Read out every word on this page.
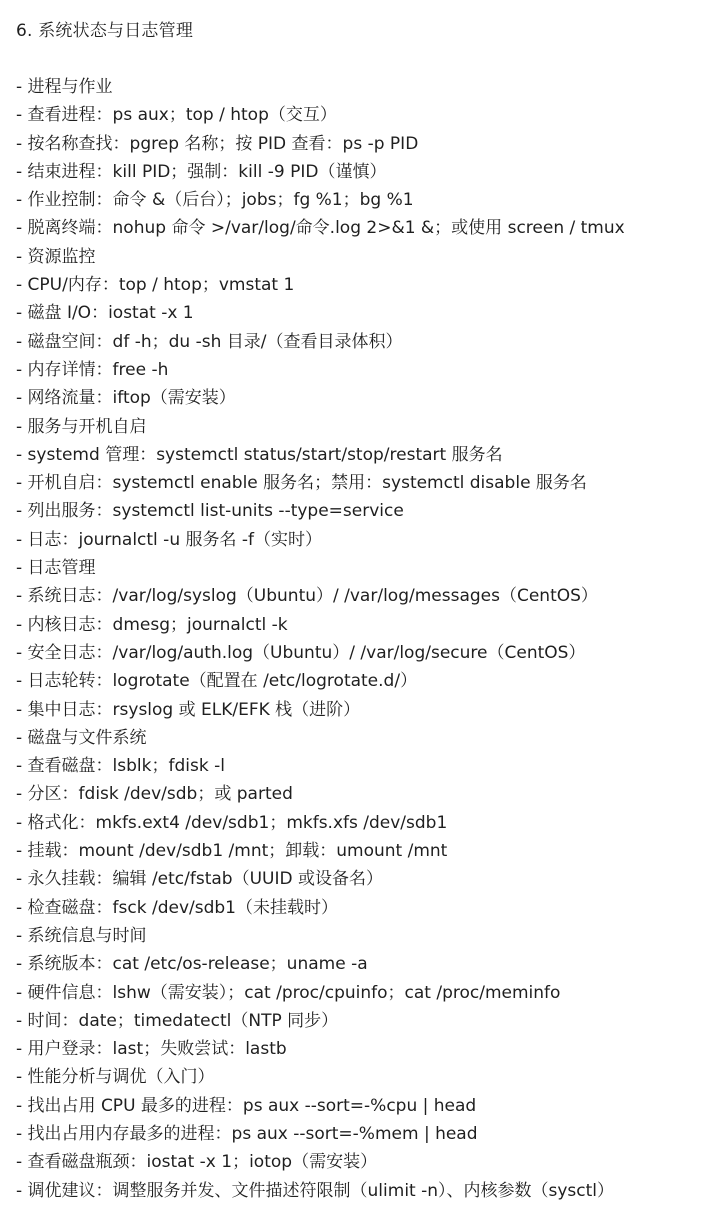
6. 系统状态与日志管理
- 进程与作业
- 查看进程：ps aux；top / htop（交互）
- 按名称查找：pgrep 名称；按 PID 查看：ps -p PID
- 结束进程：kill PID；强制：kill -9 PID（谨慎）
- 作业控制：命令 &（后台）；jobs；fg %1；bg %1
- 脱离终端：nohup 命令 >/var/log/命令.log 2>&1 &；或使用 screen / tmux
- 资源监控
- CPU/内存：top / htop；vmstat 1
- 磁盘 I/O：iostat -x 1
- 磁盘空间：df -h；du -sh 目录/（查看目录体积）
- 内存详情：free -h
- 网络流量：iftop（需安装）
- 服务与开机自启
- systemd 管理：systemctl status/start/stop/restart 服务名
- 开机自启：systemctl enable 服务名；禁用：systemctl disable 服务名
- 列出服务：systemctl list-units --type=service
- 日志：journalctl -u 服务名 -f（实时）
- 日志管理
- 系统日志：/var/log/syslog（Ubuntu）/ /var/log/messages（CentOS）
- 内核日志：dmesg；journalctl -k
- 安全日志：/var/log/auth.log（Ubuntu）/ /var/log/secure（CentOS）
- 日志轮转：logrotate（配置在 /etc/logrotate.d/）
- 集中日志：rsyslog 或 ELK/EFK 栈（进阶）
- 磁盘与文件系统
- 查看磁盘：lsblk；fdisk -l
- 分区：fdisk /dev/sdb；或 parted
- 格式化：mkfs.ext4 /dev/sdb1；mkfs.xfs /dev/sdb1
- 挂载：mount /dev/sdb1 /mnt；卸载：umount /mnt
- 永久挂载：编辑 /etc/fstab（UUID 或设备名）
- 检查磁盘：fsck /dev/sdb1（未挂载时）
- 系统信息与时间
- 系统版本：cat /etc/os-release；uname -a
- 硬件信息：lshw（需安装）；cat /proc/cpuinfo；cat /proc/meminfo
- 时间：date；timedatectl（NTP 同步）
- 用户登录：last；失败尝试：lastb
- 性能分析与调优（入门）
- 找出占用 CPU 最多的进程：ps aux --sort=-%cpu | head
- 找出占用内存最多的进程：ps aux --sort=-%mem | head
- 查看磁盘瓶颈：iostat -x 1；iotop（需安装）
- 调优建议：调整服务并发、文件描述符限制（ulimit -n）、内核参数（sysctl）
